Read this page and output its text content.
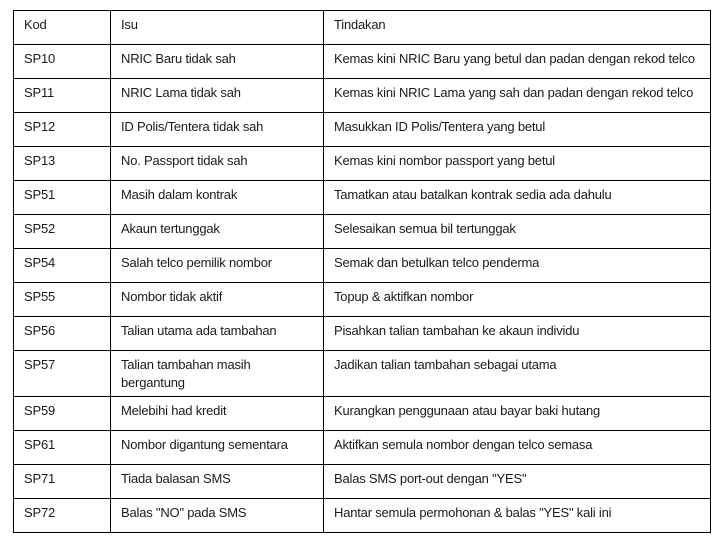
Kod	Isu	Tindakan
SP10	NRIC Baru tidak sah	Kemas kini NRIC Baru yang betul dan padan dengan rekod telco
SP11	NRIC Lama tidak sah	Kemas kini NRIC Lama yang sah dan padan dengan rekod telco
SP12	ID Polis/Tentera tidak sah	Masukkan ID Polis/Tentera yang betul
SP13	No. Passport tidak sah	Kemas kini nombor passport yang betul
SP51	Masih dalam kontrak	Tamatkan atau batalkan kontrak sedia ada dahulu
SP52	Akaun tertunggak	Selesaikan semua bil tertunggak
SP54	Salah telco pemilik nombor	Semak dan betulkan telco penderma
SP55	Nombor tidak aktif	Topup & aktifkan nombor
SP56	Talian utama ada tambahan	Pisahkan talian tambahan ke akaun individu
SP57	Talian tambahan masih bergantung	Jadikan talian tambahan sebagai utama
SP59	Melebihi had kredit	Kurangkan penggunaan atau bayar baki hutang
SP61	Nombor digantung sementara	Aktifkan semula nombor dengan telco semasa
SP71	Tiada balasan SMS	Balas SMS port-out dengan "YES"
SP72	Balas "NO" pada SMS	Hantar semula permohonan & balas "YES" kali ini
